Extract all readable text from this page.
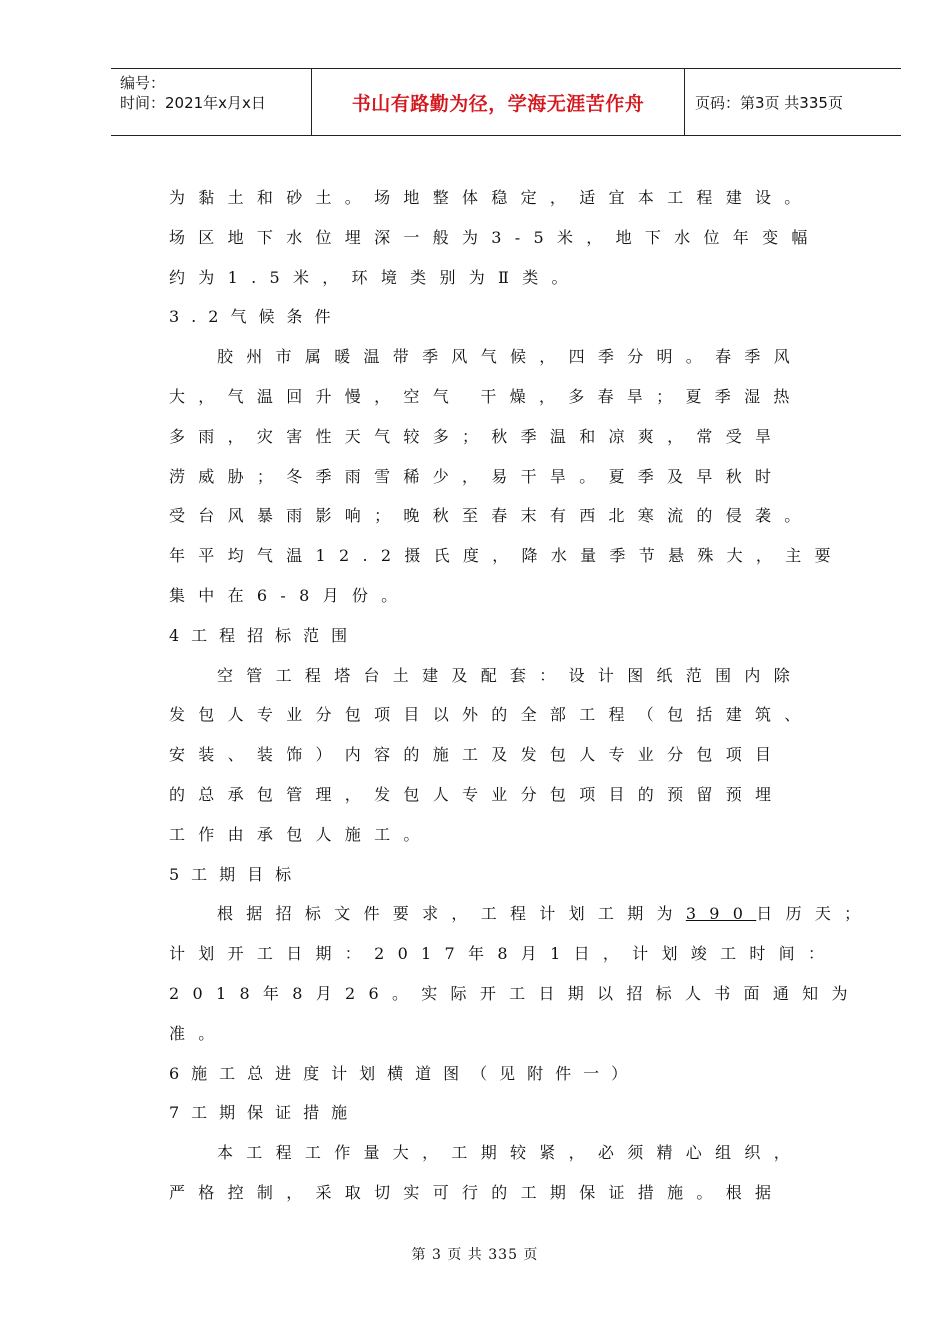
编号：
时间：2021年x月x日	书山有路勤为径，学海无涯苦作舟	页码：第3页 共335页
为黏土和砂土。场地整体稳定，适宜本工程建设。
场区地下水位埋深一般为3-5米，地下水位年变幅
约为1.5米，环境类别为Ⅱ类。
3.2气候条件
胶州市属暖温带季风气候，四季分明。春季风
大，气温回升慢，空气 干燥，多春旱；夏季湿热
多雨，灾害性天气较多；秋季温和凉爽，常受旱
涝威胁；冬季雨雪稀少，易干旱。夏季及早秋时
受台风暴雨影响；晚秋至春末有西北寒流的侵袭。
年平均气温12.2摄氏度，降水量季节悬殊大，主要
集中在6-8月份。
4工程招标范围
空管工程塔台土建及配套：设计图纸范围内除
发包人专业分包项目以外的全部工程（包括建筑、
安装、装饰）内容的施工及发包人专业分包项目
的总承包管理，发包人专业分包项目的预留预埋
工作由承包人施工。
5工期目标
根据招标文件要求，工程计划工期为390日历天；
计划开工日期：2017年8月1日，计划竣工时间：
2018年8月26。实际开工日期以招标人书面通知为
准。
6施工总进度计划横道图（见附件一）
7工期保证措施
本工程工作量大，工期较紧，必须精心组织，
严格控制，采取切实可行的工期保证措施。根据
第 3 页 共 335 页
